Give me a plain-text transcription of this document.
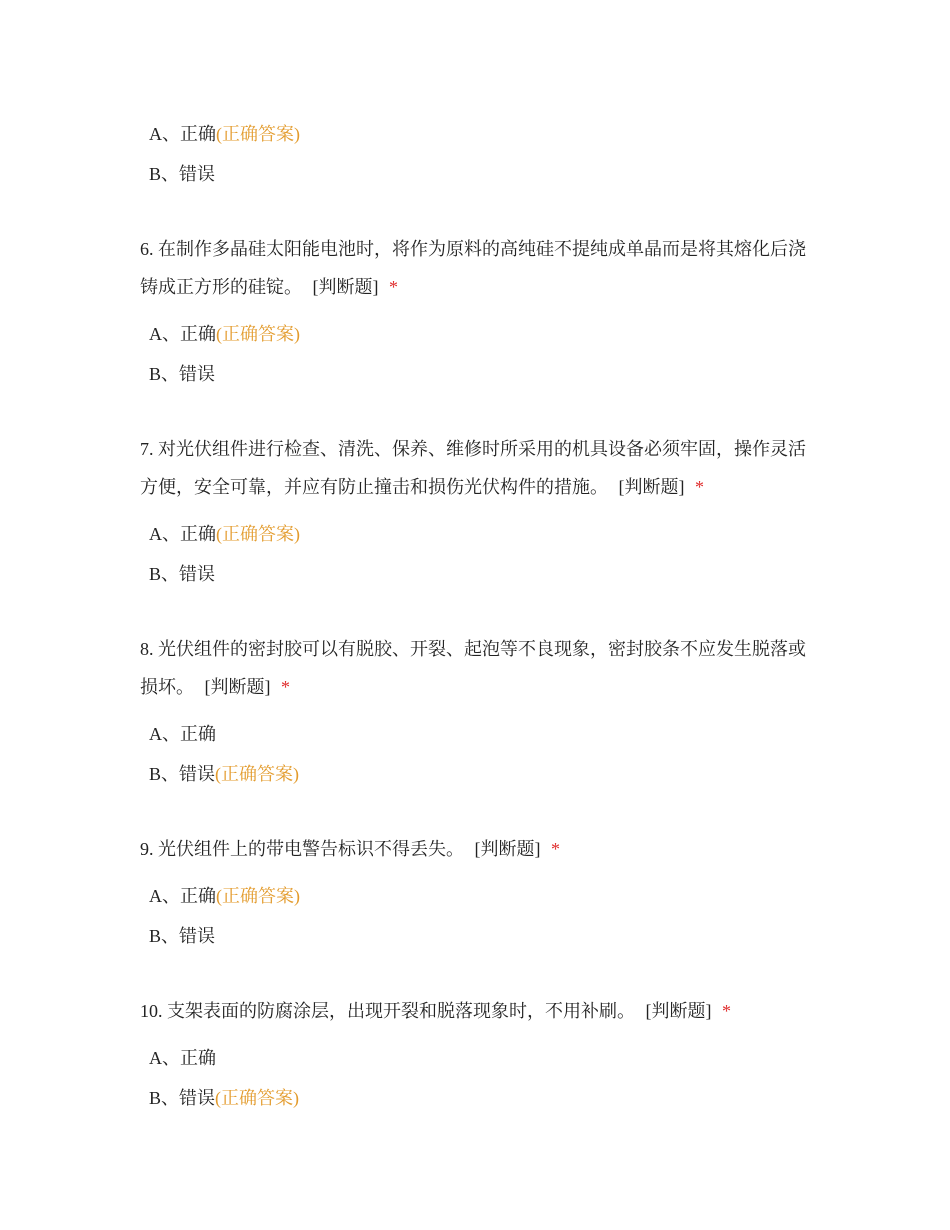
A、正确(正确答案)
B、错误
6. 在制作多晶硅太阳能电池时，将作为原料的高纯硅不提纯成单晶而是将其熔化后浇铸成正方形的硅锭。 [判断题] *
A、正确(正确答案)
B、错误
7. 对光伏组件进行检查、清洗、保养、维修时所采用的机具设备必须牢固，操作灵活方便，安全可靠，并应有防止撞击和损伤光伏构件的措施。 [判断题] *
A、正确(正确答案)
B、错误
8. 光伏组件的密封胶可以有脱胶、开裂、起泡等不良现象，密封胶条不应发生脱落或损坏。 [判断题] *
A、正确
B、错误(正确答案)
9. 光伏组件上的带电警告标识不得丢失。 [判断题] *
A、正确(正确答案)
B、错误
10. 支架表面的防腐涂层，出现开裂和脱落现象时，不用补刷。 [判断题] *
A、正确
B、错误(正确答案)
